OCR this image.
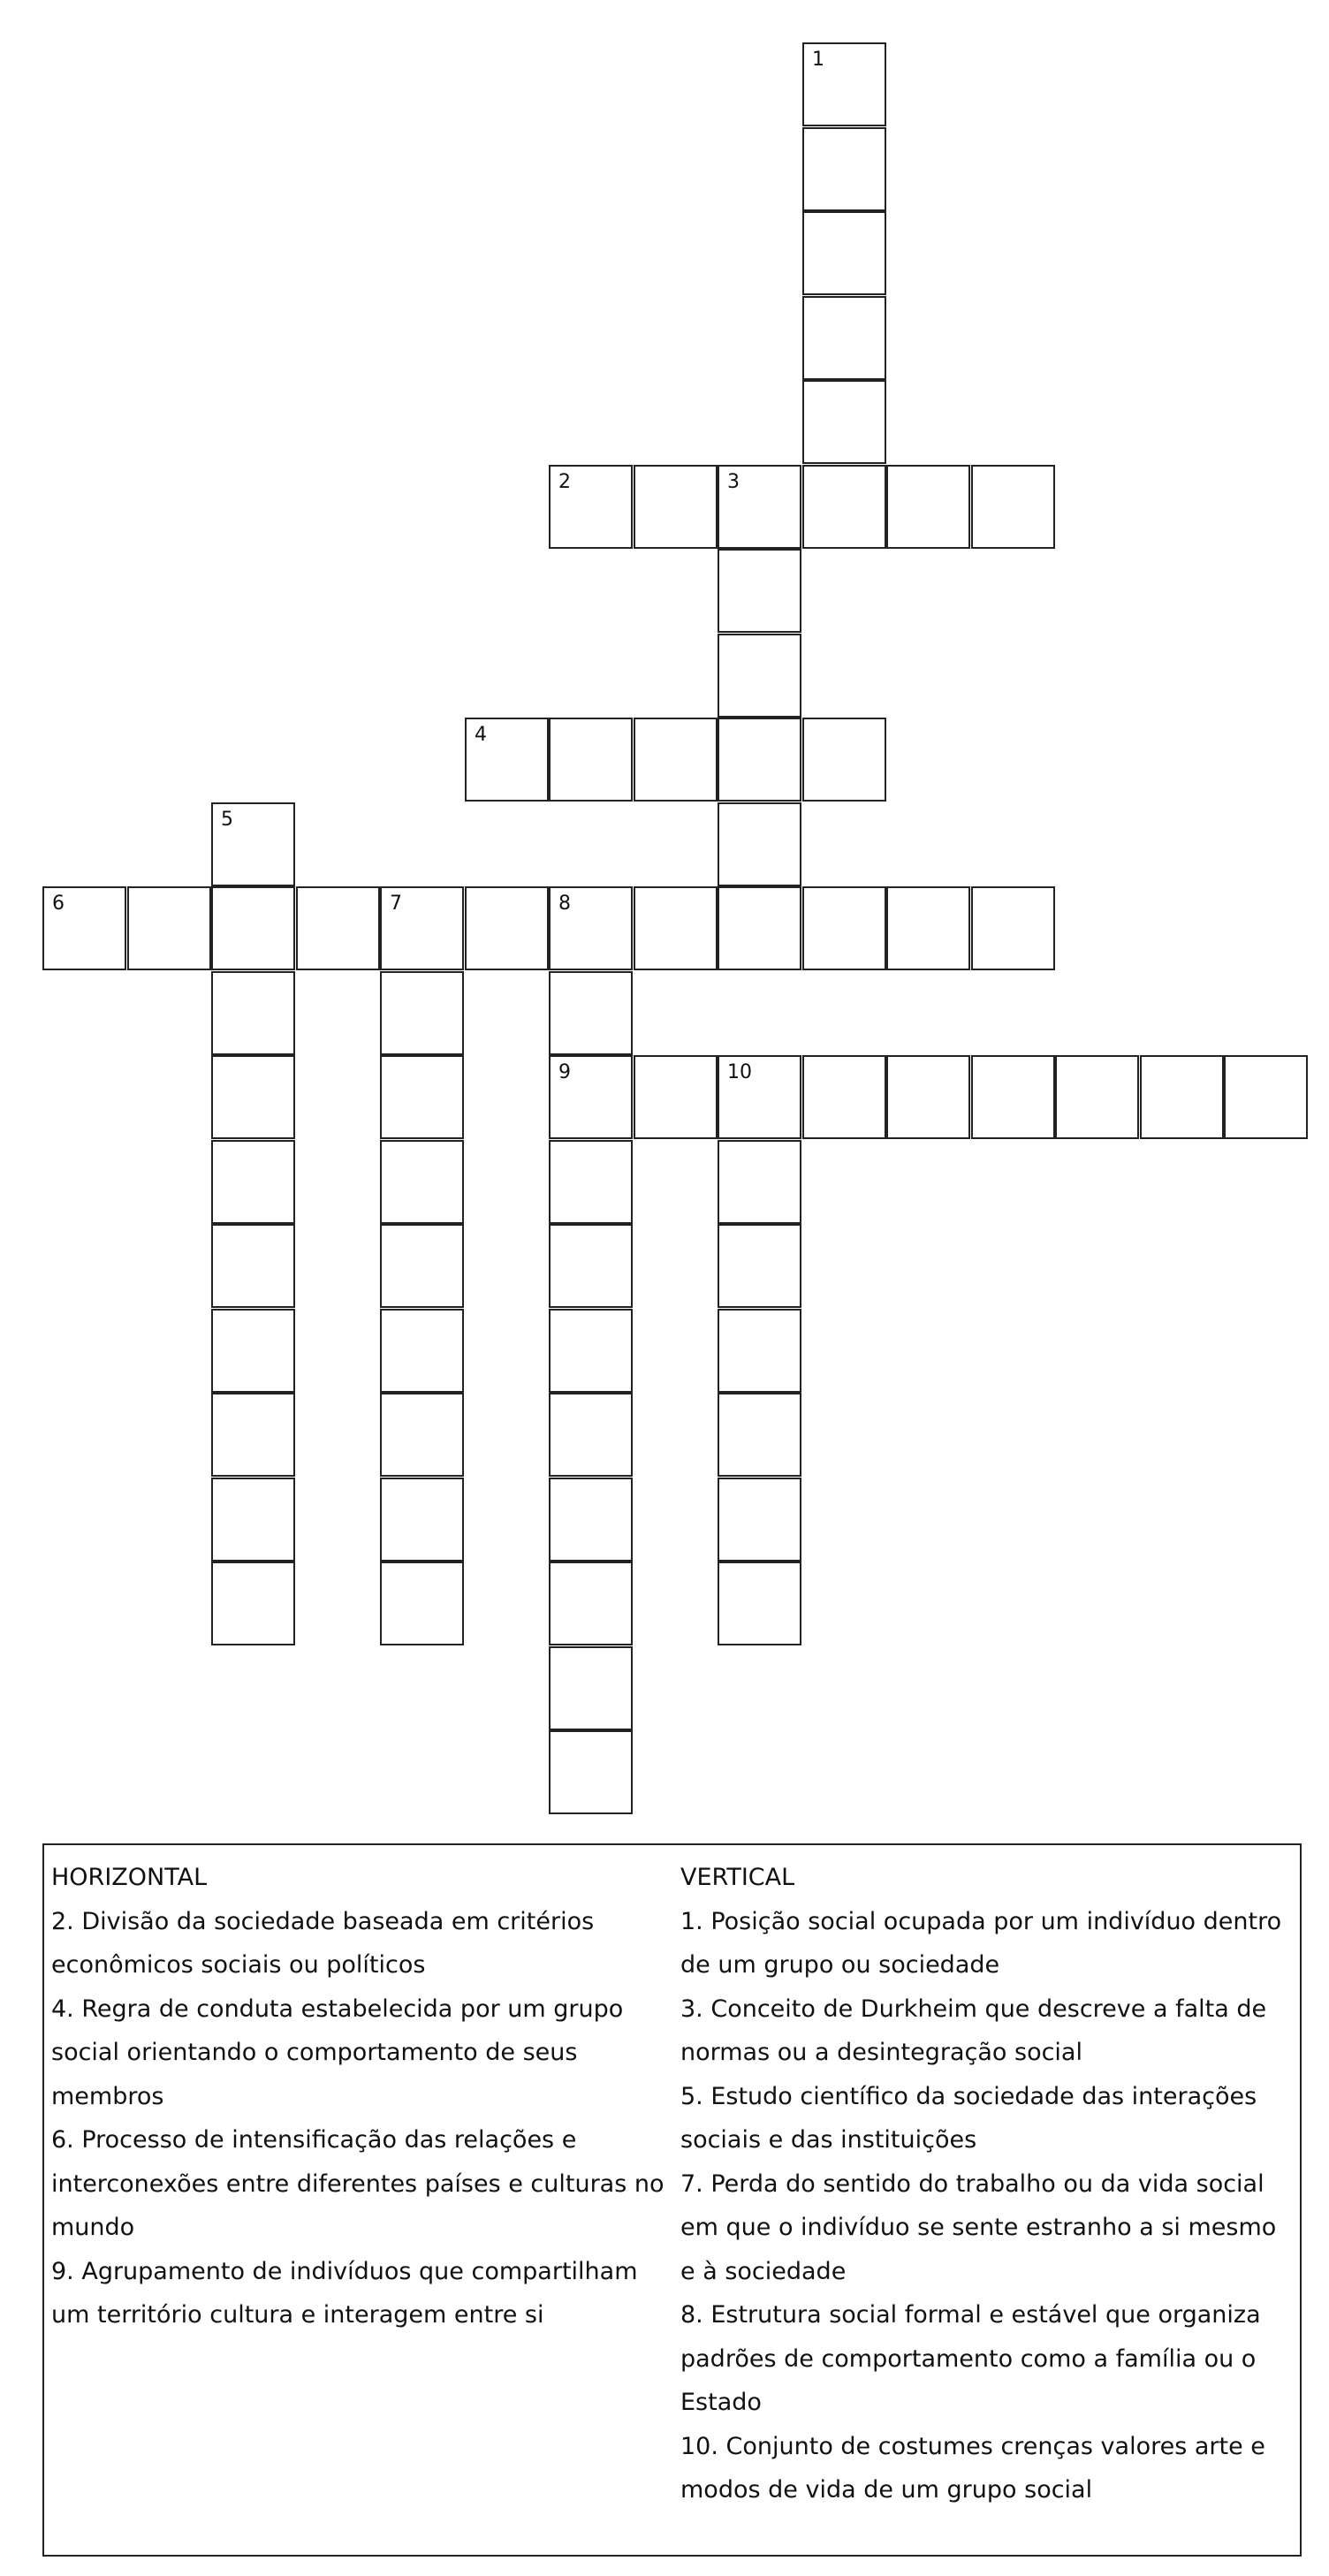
1
2	3
4
5
6	7	8
9	10
HORIZONTAL
2. Divisão da sociedade baseada em critérios econômicos sociais ou políticos
4. Regra de conduta estabelecida por um grupo social orientando o comportamento de seus membros
6. Processo de intensificação das relações e interconexões entre diferentes países e culturas no mundo
9. Agrupamento de indivíduos que compartilham um território cultura e interagem entre si
VERTICAL
1. Posição social ocupada por um indivíduo dentro de um grupo ou sociedade
3. Conceito de Durkheim que descreve a falta de normas ou a desintegração social
5. Estudo científico da sociedade das interações sociais e das instituições
7. Perda do sentido do trabalho ou da vida social em que o indivíduo se sente estranho a si mesmo e à sociedade
8. Estrutura social formal e estável que organiza padrões de comportamento como a família ou o Estado
10. Conjunto de costumes crenças valores arte e modos de vida de um grupo social
